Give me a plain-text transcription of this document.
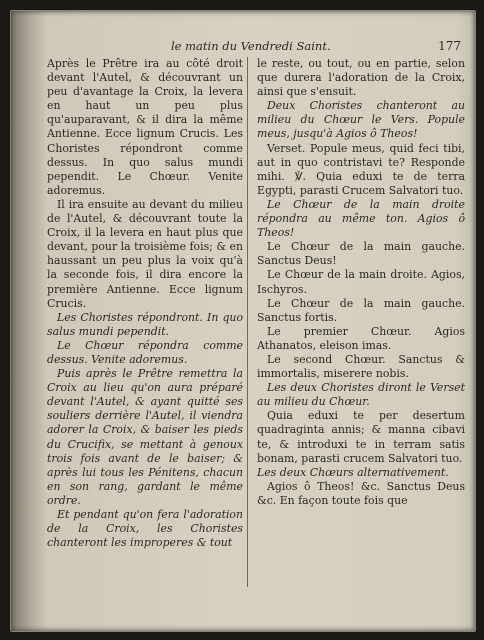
le matin du Vendredi Saint.	177

Après le Prêtre ira au côté droit devant l'Autel, & découvrant un peu d'avantage la Croix, la levera en haut un peu plus qu'auparavant, & il dira la même Antienne. Ecce lignum Crucis. Les Choristes répondront comme dessus. In quo salus mundi pependit. Le Chœur. Venite adoremus.

Il ira ensuite au devant du milieu de l'Autel, & découvrant toute la Croix, il la levera en haut plus que devant, pour la troisième fois; & en haussant un peu plus la voix qu'à la seconde fois, il dira encore la première Antienne. Ecce lignum Crucis.

Les Choristes répondront. In quo salus mundi pependit.

Le Chœur répondra comme dessus. Venite adoremus.

Puis après le Prêtre remettra la Croix au lieu qu'on aura préparé devant l'Autel, & ayant quitté ses souliers derrière l'Autel, il viendra adorer la Croix, & baiser les pieds du Crucifix, se mettant à genoux trois fois avant de le baiser; & après lui tous les Pénitens, chacun en son rang, gardant le même ordre.

Et pendant qu'on fera l'adoration de la Croix, les Choristes chanteront les improperes & tout

le reste, ou tout, ou en partie, selon que durera l'adoration de la Croix, ainsi que s'ensuit.

Deux Choristes chanteront au milieu du Chœur le Vers. Popule meus, jusqu'à Agios ô Theos!

Verset. Popule meus, quid feci tibi, aut in quo contristavi te? Responde mihi. ℣. Quia eduxi te de terra Egypti, parasti Crucem Salvatori tuo.

Le Chœur de la main droite répondra au même ton. Agios ô Theos!

Le Chœur de la main gauche. Sanctus Deus!

Le Chœur de la main droite. Agios, Ischyros.

Le Chœur de la main gauche. Sanctus fortis.

Le premier Chœur. Agios Athanatos, eleison imas.

Le second Chœur. Sanctus & immortalis, miserere nobis.

Les deux Choristes diront le Verset au milieu du Chœur.

Quia eduxi te per desertum quadraginta annis; & manna cibavi te, & introduxi te in terram satis bonam, parasti crucem Salvatori tuo.

Les deux Chœurs alternativement.

Agios ô Theos! &c. Sanctus Deus &c. En façon toute fois que
